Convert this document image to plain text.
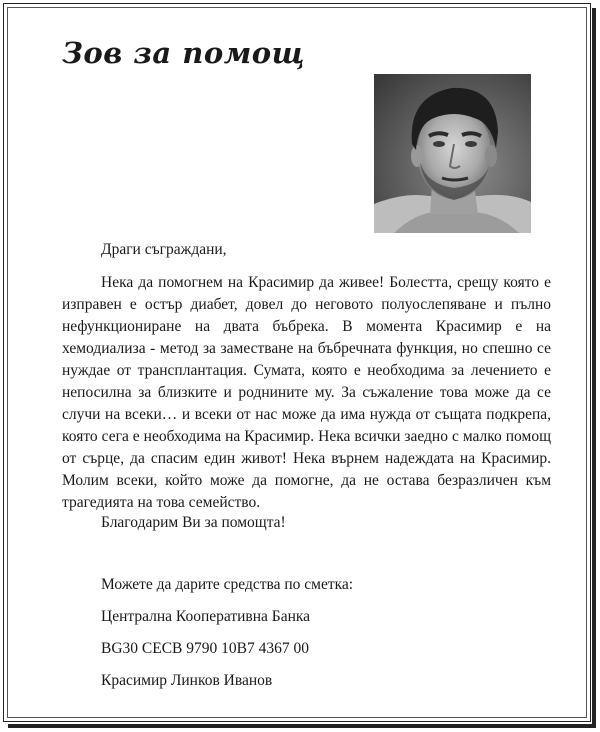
Зов за помощ
Драги съграждани,
Нека да помогнем на Красимир да живее! Болестта, срещу която е изправен е остър диабет, довел до неговото полуослепяване и пълно нефункциониране на двата бъбрека. В момента Красимир е на хемодиализа - метод за заместване на бъбречната функция, но спешно се нуждае от трансплантация. Сумата, която е необходима за лечението е непосилна за близките и роднините му. За съжаление това може да се случи на всеки… и всеки от нас може да има нужда от същата подкрепа, която сега е необходима на Красимир. Нека всички заедно с малко помощ от сърце, да спасим един живот! Нека върнем надеждата на Красимир. Молим всеки, който може да помогне, да не остава безразличен към трагедията на това семейство.
Благодарим Ви за помощта!
Можете да дарите средства по сметка:
Централна Кооперативна Банка
BG30 CECB 9790 10B7 4367 00
Красимир Линков Иванов
